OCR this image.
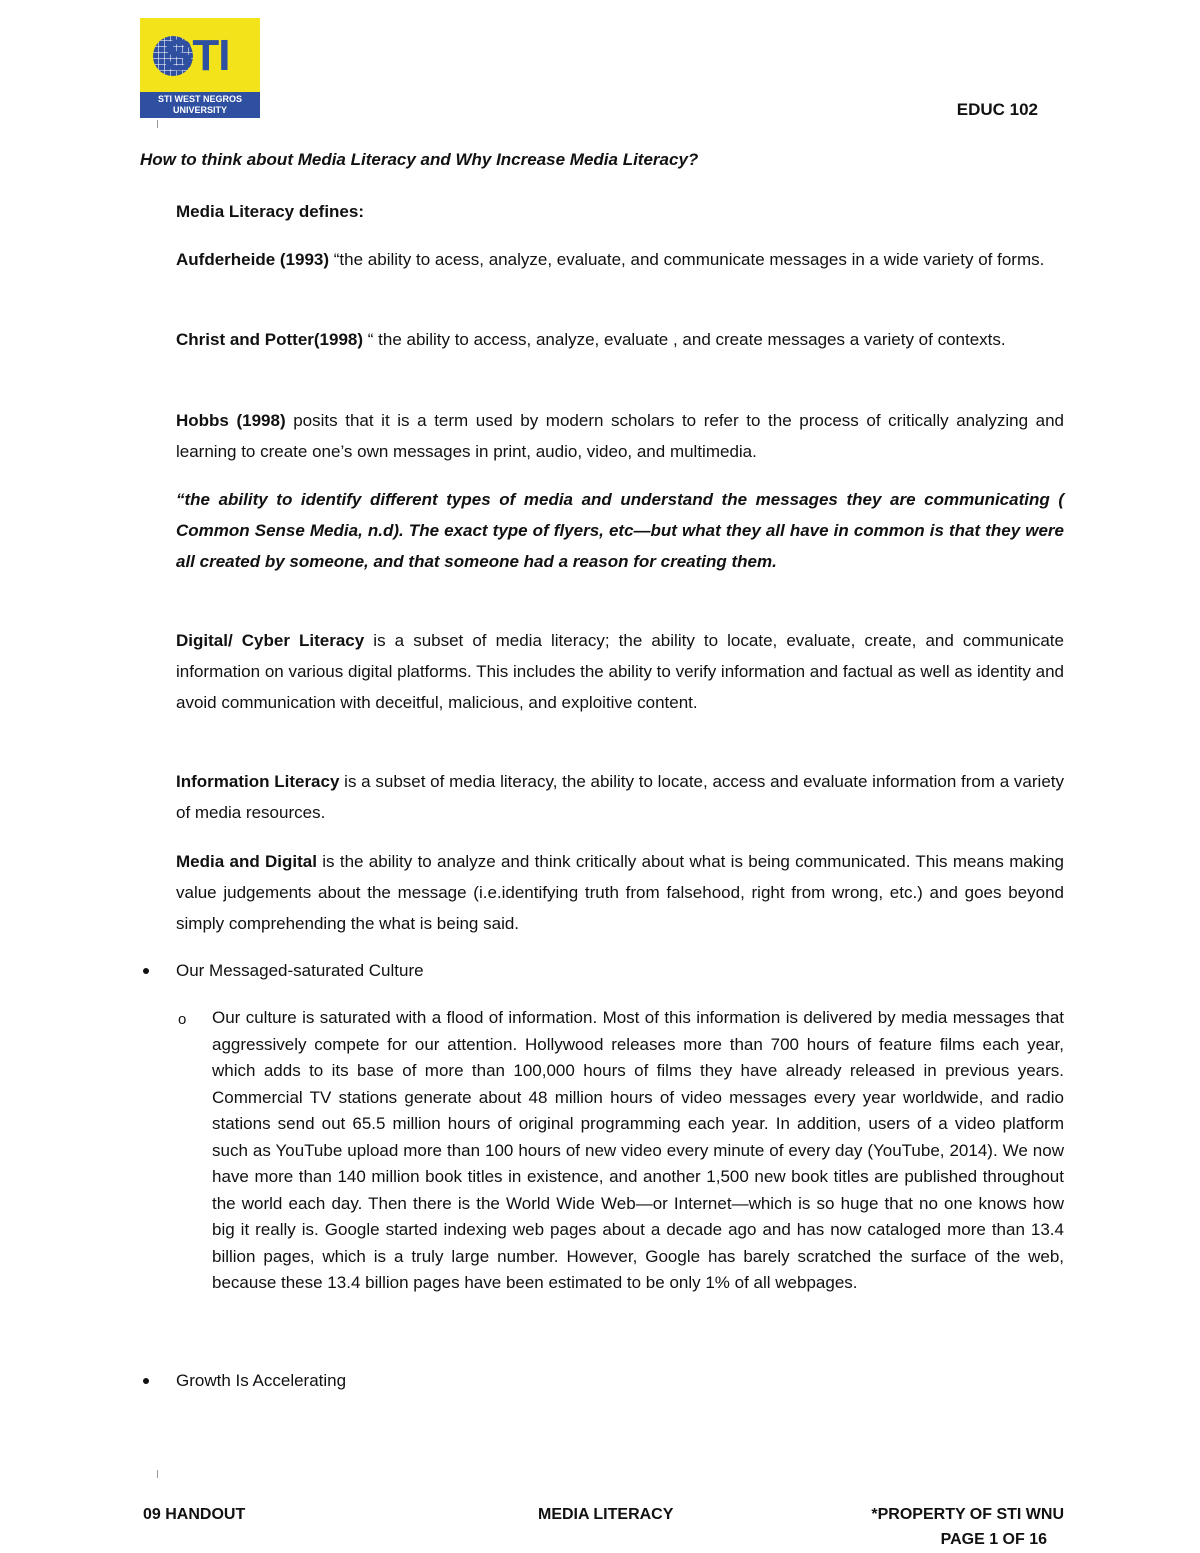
STI
STI WEST NEGROS UNIVERSITY	EDUC 102
How to think about Media Literacy and Why Increase Media Literacy?

Media Literacy defines:

Aufderheide (1993) “the ability to acess, analyze, evaluate, and communicate messages in a wide variety of forms.

Christ and Potter(1998) “ the ability to access, analyze, evaluate , and create messages a variety of contexts.

Hobbs (1998) posits that it is a term used by modern scholars to refer to the process of critically analyzing and learning to create one’s own messages in print, audio, video, and multimedia.

“the ability to identify different types of media and understand the messages they are communicating ( Common Sense Media, n.d). The exact type of flyers, etc—but what they all have in common is that they were all created by someone, and that someone had a reason for creating them.

Digital/ Cyber Literacy is a subset of media literacy; the ability to locate, evaluate, create, and communicate information on various digital platforms. This includes the ability to verify information and factual as well as identity and avoid communication with deceitful, malicious, and exploitive content.

Information Literacy is a subset of media literacy, the ability to locate, access and evaluate information from a variety of media resources.

Media and Digital is the ability to analyze and think critically about what is being communicated. This means making value judgements about the message (i.e.identifying truth from falsehood, right from wrong, etc.) and goes beyond simply comprehending the what is being said.

Our Messaged-saturated Culture
o Our culture is saturated with a flood of information. Most of this information is delivered by media messages that aggressively compete for our attention. Hollywood releases more than 700 hours of feature films each year, which adds to its base of more than 100,000 hours of films they have already released in previous years. Commercial TV stations generate about 48 million hours of video messages every year worldwide, and radio stations send out 65.5 million hours of original programming each year. In addition, users of a video platform such as YouTube upload more than 100 hours of new video every minute of every day (YouTube, 2014). We now have more than 140 million book titles in existence, and another 1,500 new book titles are published throughout the world each day. Then there is the World Wide Web—or Internet—which is so huge that no one knows how big it really is. Google started indexing web pages about a decade ago and has now cataloged more than 13.4 billion pages, which is a truly large number. However, Google has barely scratched the surface of the web, because these 13.4 billion pages have been estimated to be only 1% of all webpages.

Growth Is Accelerating
09 HANDOUT	MEDIA LITERACY	*PROPERTY OF STI WNU
PAGE 1 OF 16
